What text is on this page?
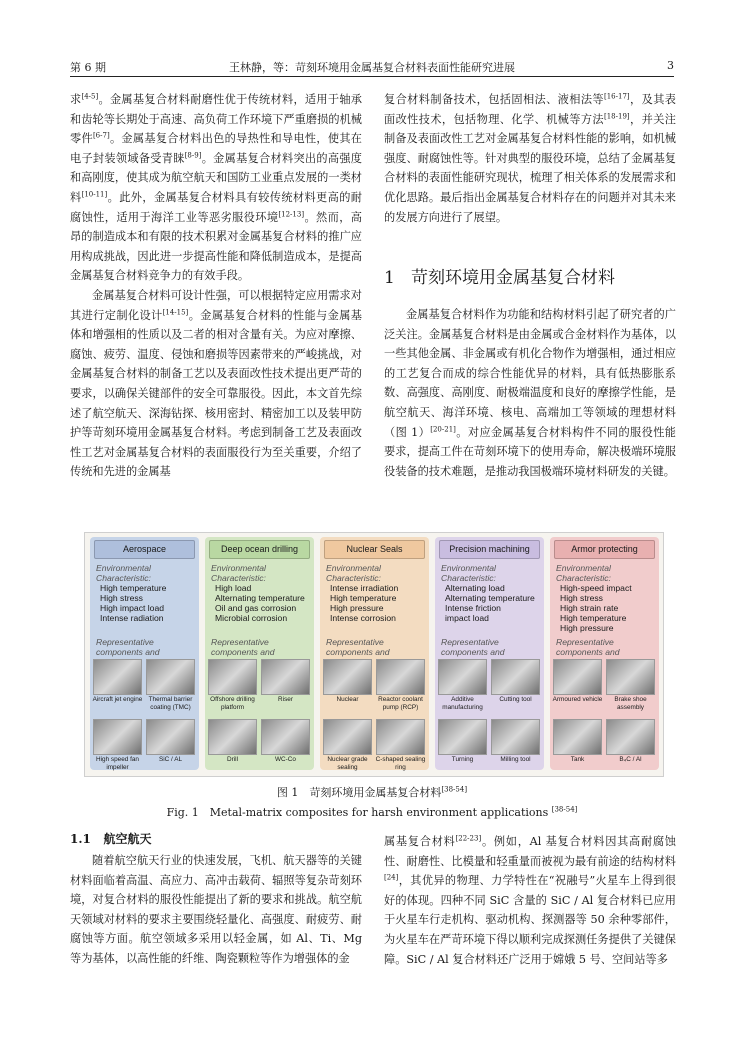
第 6 期	王林静，等：苛刻环境用金属基复合材料表面性能研究进展	3

求[4-5]。金属基复合材料耐磨性优于传统材料，适用于轴承和齿轮等长期处于高速、高负荷工作环境下严重磨损的机械零件[6-7]。金属基复合材料出色的导热性和导电性，使其在电子封装领域备受青睐[8-9]。金属基复合材料突出的高强度和高刚度，使其成为航空航天和国防工业重点发展的一类材料[10-11]。此外，金属基复合材料具有较传统材料更高的耐腐蚀性，适用于海洋工业等恶劣服役环境[12-13]。然而，高昂的制造成本和有限的技术积累对金属基复合材料的推广应用构成挑战，因此进一步提高性能和降低制造成本，是提高金属基复合材料竞争力的有效手段。

金属基复合材料可设计性强，可以根据特定应用需求对其进行定制化设计[14-15]。金属基复合材料的性能与金属基体和增强相的性质以及二者的相对含量有关。为应对摩擦、腐蚀、疲劳、温度、侵蚀和磨损等因素带来的严峻挑战，对金属基复合材料的制备工艺以及表面改性技术提出更严苛的要求，以确保关键部件的安全可靠服役。因此，本文首先综述了航空航天、深海钻探、核用密封、精密加工以及装甲防护等苛刻环境用金属基复合材料。考虑到制备工艺及表面改性工艺对金属基复合材料的表面服役行为至关重要，介绍了传统和先进的金属基

复合材料制备技术，包括固相法、液相法等[16-17]，及其表面改性技术，包括物理、化学、机械等方法[18-19]，并关注制备及表面改性工艺对金属基复合材料性能的影响，如机械强度、耐腐蚀性等。针对典型的服役环境，总结了金属基复合材料的表面性能研究现状，梳理了相关体系的发展需求和优化思路。最后指出金属基复合材料存在的问题并对其未来的发展方向进行了展望。

1 苛刻环境用金属基复合材料

金属基复合材料作为功能和结构材料引起了研究者的广泛关注。金属基复合材料是由金属或合金材料作为基体，以一些其他金属、非金属或有机化合物作为增强相，通过相应的工艺复合而成的综合性能优异的材料，具有低热膨胀系数、高强度、高刚度、耐极端温度和良好的摩擦学性能，是航空航天、海洋环境、核电、高端加工等领域的理想材料（图 1）[20-21]。对应金属基复合材料构件不同的服役性能要求，提高工件在苛刻环境下的使用寿命，解决极端环境服役装备的技术难题，是推动我国极端环境材料研发的关键。

Aerospace
Environmental Characteristic:
High temperature
High stress
High impact load
Intense radiation
Representative components and
Aircraft jet engine Thermal barrier coating (TMC)
High speed fan impeller
SiC / AL
Deep ocean drilling
Environmental Characteristic:
High load
Alternating temperature
Oil and gas corrosion
Microbial corrosion
Representative components and
Offshore drilling platform
Riser
Drill	WC-Co
Nuclear Seals
Environmental Characteristic:
Intense irradiation
High temperature
High pressure
Intense corrosion
Representative components and
Nuclear	Reactor coolant pump (RCP)
Nuclear grade sealing
C-shaped sealing ring
Precision machining
Environmental Characteristic:
Alternating load
Alternating temperature
Intense friction
impact load
Representative components and
Additive manufacturing
Cutting tool
Turning	Milling tool
Armor protecting
Environmental Characteristic:
High-speed impact
High stress
High strain rate
High temperature
High pressure
Representative components and
Armoured vehicle	Brake shoe assembly
Tank	B₄C / Al
图 1　苛刻环境用金属基复合材料[38-54]
Fig. 1　Metal-matrix composites for harsh environment applications [38-54]
1.1 航空航天

随着航空航天行业的快速发展，飞机、航天器等的关键材料面临着高温、高应力、高冲击载荷、辐照等复杂苛刻环境，对复合材料的服役性能提出了新的要求和挑战。航空航天领域对材料的要求主要围绕轻量化、高强度、耐疲劳、耐腐蚀等方面。航空领域多采用以轻金属，如 Al、Ti、Mg 等为基体，以高性能的纤维、陶瓷颗粒等作为增强体的金

属基复合材料[22-23]。例如，Al 基复合材料因其高耐腐蚀性、耐磨性、比模量和轻重量而被视为最有前途的结构材料[24]，其优异的物理、力学特性在“祝融号”火星车上得到很好的体现。四种不同 SiC 含量的 SiC / Al 复合材料已应用于火星车行走机构、驱动机构、探测器等 50 余种零部件，为火星车在严苛环境下得以顺利完成探测任务提供了关键保障。SiC / Al 复合材料还广泛用于嫦娥 5 号、空间站等多
